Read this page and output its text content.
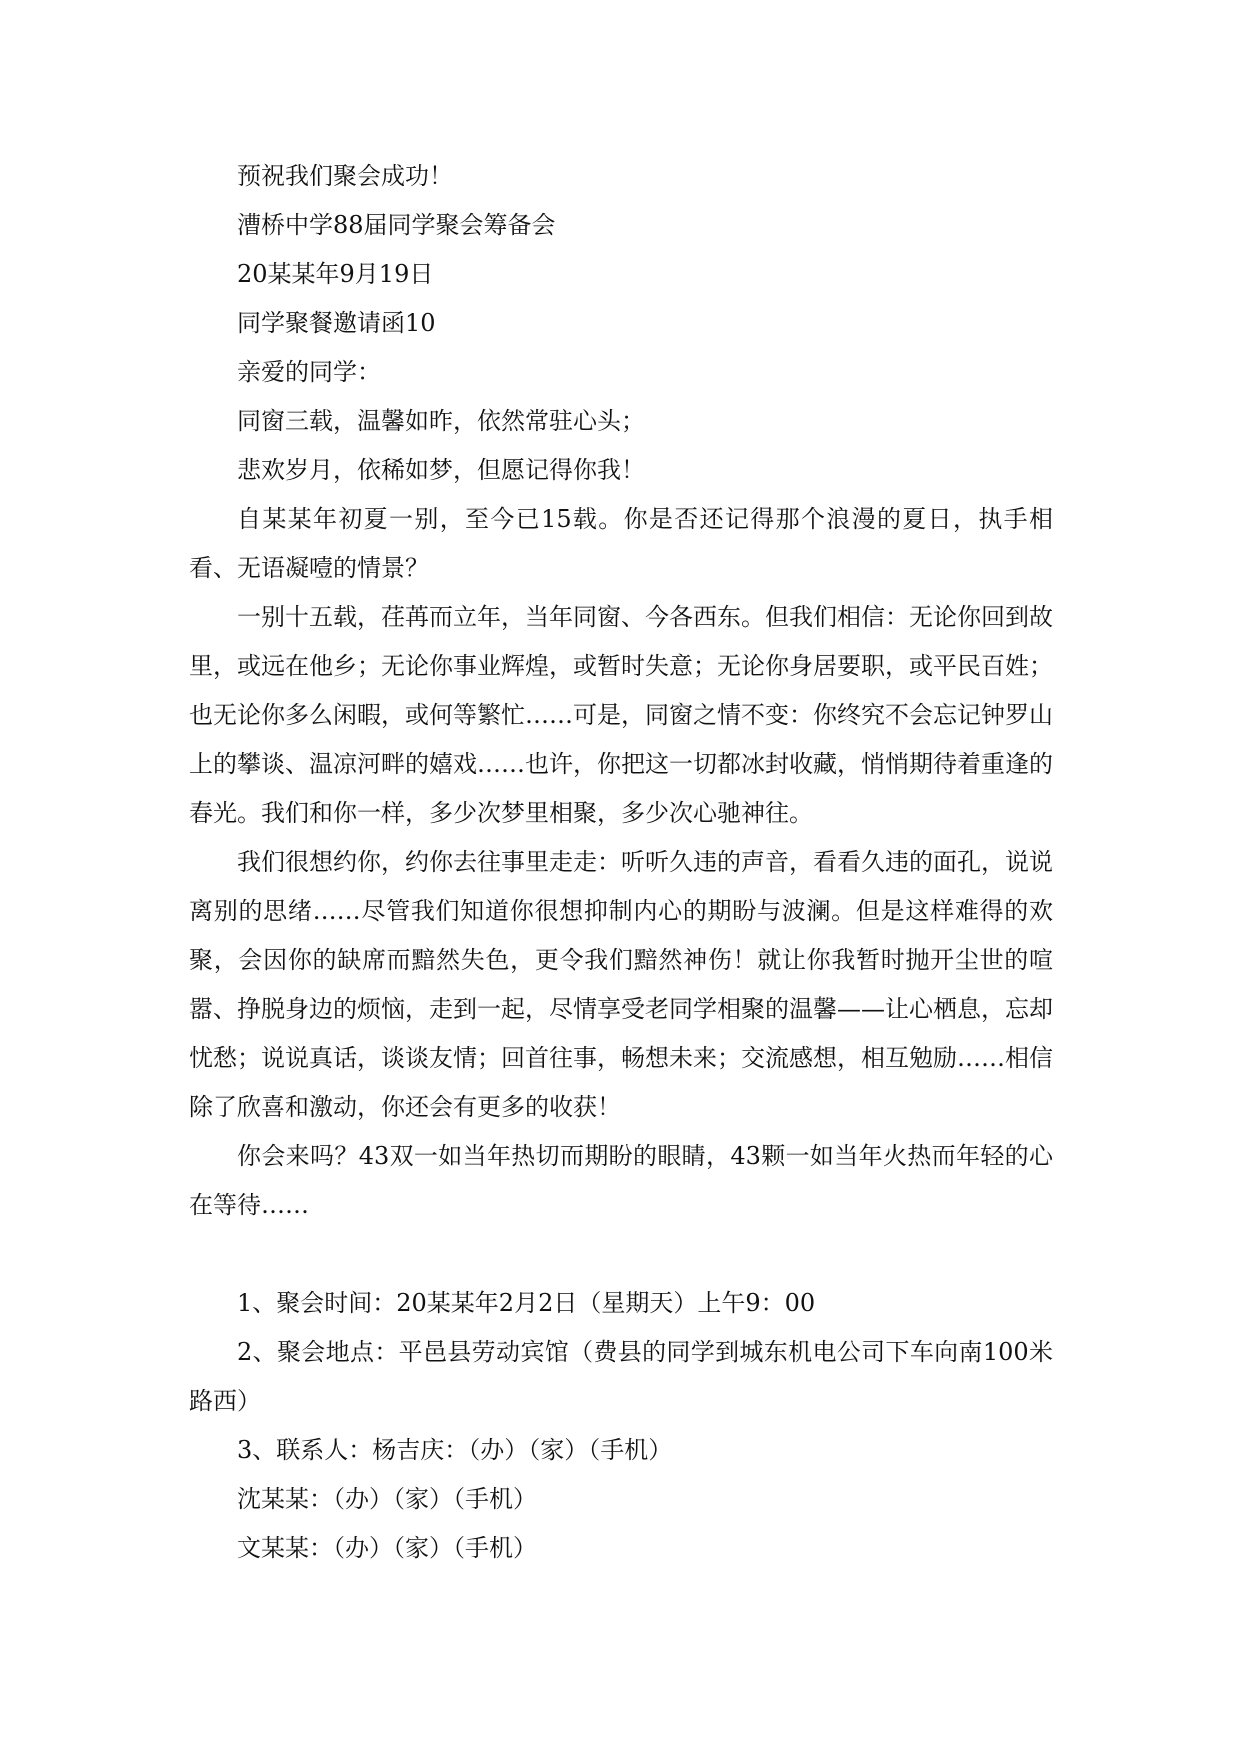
预祝我们聚会成功！

漕桥中学88届同学聚会筹备会

20某某年9月19日

同学聚餐邀请函10

亲爱的同学：

同窗三载，温馨如昨，依然常驻心头；

悲欢岁月，依稀如梦，但愿记得你我！

自某某年初夏一别，至今已15载。你是否还记得那个浪漫的夏日，执手相看、无语凝噎的情景？

一别十五载，荏苒而立年，当年同窗、今各西东。但我们相信：无论你回到故里，或远在他乡；无论你事业辉煌，或暂时失意；无论你身居要职，或平民百姓；也无论你多么闲暇，或何等繁忙……可是，同窗之情不变：你终究不会忘记钟罗山上的攀谈、温凉河畔的嬉戏……也许，你把这一切都冰封收藏，悄悄期待着重逢的春光。我们和你一样，多少次梦里相聚，多少次心驰神往。

我们很想约你，约你去往事里走走：听听久违的声音，看看久违的面孔，说说离别的思绪……尽管我们知道你很想抑制内心的期盼与波澜。但是这样难得的欢聚，会因你的缺席而黯然失色，更令我们黯然神伤！就让你我暂时抛开尘世的喧嚣、挣脱身边的烦恼，走到一起，尽情享受老同学相聚的温馨——让心栖息，忘却忧愁；说说真话，谈谈友情；回首往事，畅想未来；交流感想，相互勉励……相信除了欣喜和激动，你还会有更多的收获！

你会来吗？43双一如当年热切而期盼的眼睛，43颗一如当年火热而年轻的心在等待……

1、聚会时间：20某某年2月2日（星期天）上午9：00

2、聚会地点：平邑县劳动宾馆（费县的同学到城东机电公司下车向南100米路西）

3、联系人：杨吉庆：（办）（家）（手机）

沈某某：（办）（家）（手机）

文某某：（办）（家）（手机）
